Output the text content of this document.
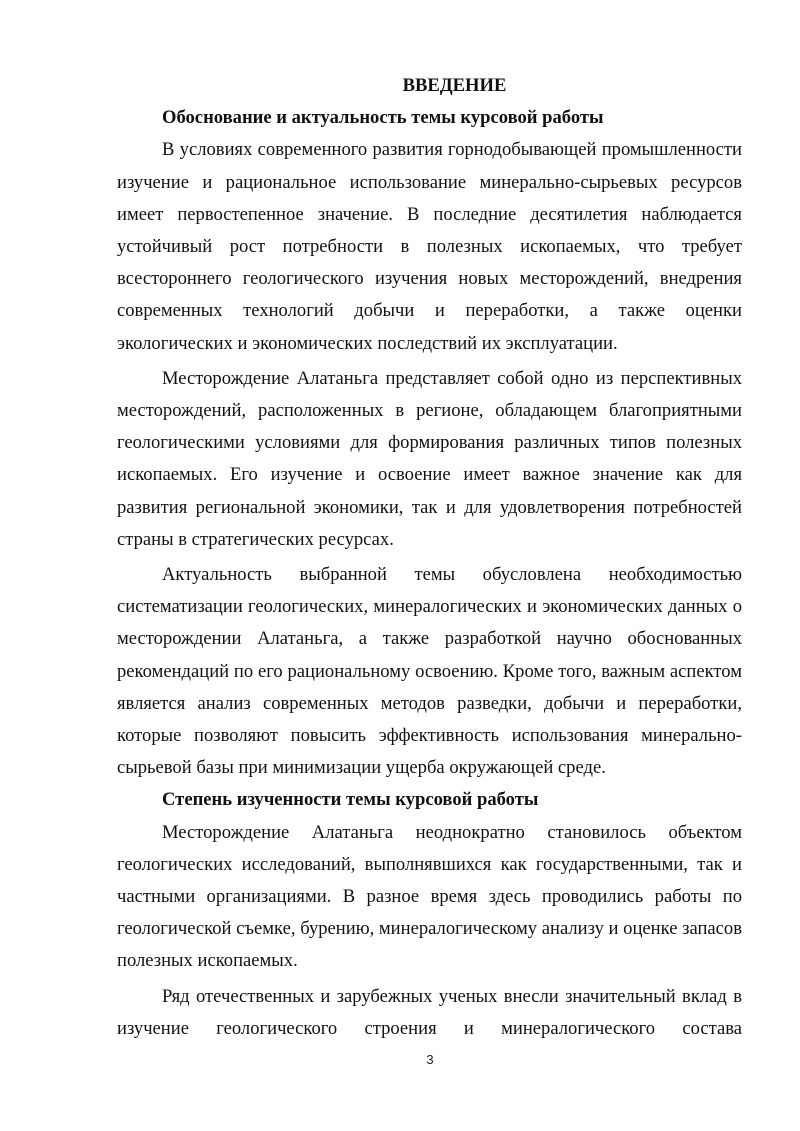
ВВЕДЕНИЕ
Обоснование и актуальность темы курсовой работы

В условиях современного развития горнодобывающей промышленности изучение и рациональное использование минерально-сырьевых ресурсов имеет первостепенное значение. В последние десятилетия наблюдается устойчивый рост потребности в полезных ископаемых, что требует всестороннего геологического изучения новых месторождений, внедрения современных технологий добычи и переработки, а также оценки экологических и экономических последствий их эксплуатации.

Месторождение Алатаньга представляет собой одно из перспективных месторождений, расположенных в регионе, обладающем благоприятными геологическими условиями для формирования различных типов полезных ископаемых. Его изучение и освоение имеет важное значение как для развития региональной экономики, так и для удовлетворения потребностей страны в стратегических ресурсах.

Актуальность выбранной темы обусловлена необходимостью систематизации геологических, минералогических и экономических данных о месторождении Алатаньга, а также разработкой научно обоснованных рекомендаций по его рациональному освоению. Кроме того, важным аспектом является анализ современных методов разведки, добычи и переработки, которые позволяют повысить эффективность использования минерально-сырьевой базы при минимизации ущерба окружающей среде.

Степень изученности темы курсовой работы

Месторождение Алатаньга неоднократно становилось объектом геологических исследований, выполнявшихся как государственными, так и частными организациями. В разное время здесь проводились работы по геологической съемке, бурению, минералогическому анализу и оценке запасов полезных ископаемых.

Ряд отечественных и зарубежных ученых внесли значительный вклад в изучение геологического строения и минералогического состава

3
